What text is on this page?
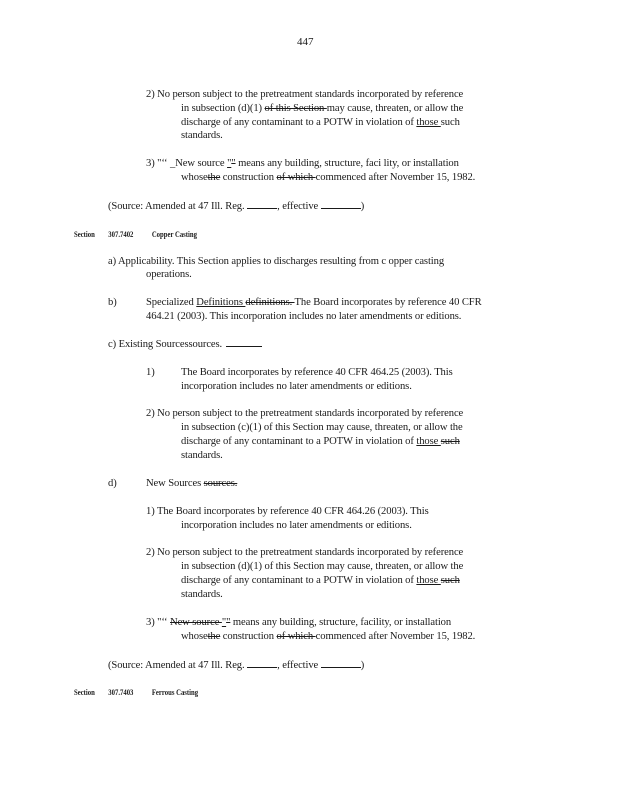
447
2) No person subject to the pretreatment standards incorporated by reference
in subsection (d)(1) of this Section may cause, threaten, or allow the
discharge of any contaminant to a POTW in violation of those such
standards.
3) "‘‘ _New source "" means any building, structure, faci lity, or installation
whosethe construction of which commenced after November 15, 1982.
(Source: Amended at 47 Ill. Reg.	, effective	)
Section 307.7402 Copper Casting
a) Applicability. This Section applies to discharges resulting from c opper casting
operations.
b)	Specialized Definitions definitions. The Board incorporates by reference 40 CFR
464.21 (2003). This incorporation includes no later amendments or editions.
c) Existing Sourcessources.
1) The Board incorporates by reference 40 CFR 464.25 (2003). This
incorporation includes no later amendments or editions.
2) No person subject to the pretreatment standards incorporated by reference
in subsection (c)(1) of this Section may cause, threaten, or allow the
discharge of any contaminant to a POTW in violation of those such
standards.
d)	New Sources sources.
1) The Board incorporates by reference 40 CFR 464.26 (2003). This
incorporation includes no later amendments or editions.
2) No person subject to the pretreatment standards incorporated by reference
in subsection (d)(1) of this Section may cause, threaten, or allow the
discharge of any contaminant to a POTW in violation of those such
standards.
3) "‘‘ New source "" means any building, structure, facility, or installation
whosethe construction of which commenced after November 15, 1982.
(Source: Amended at 47 Ill. Reg.	, effective	)
Section 307.7403 Ferrous Casting
